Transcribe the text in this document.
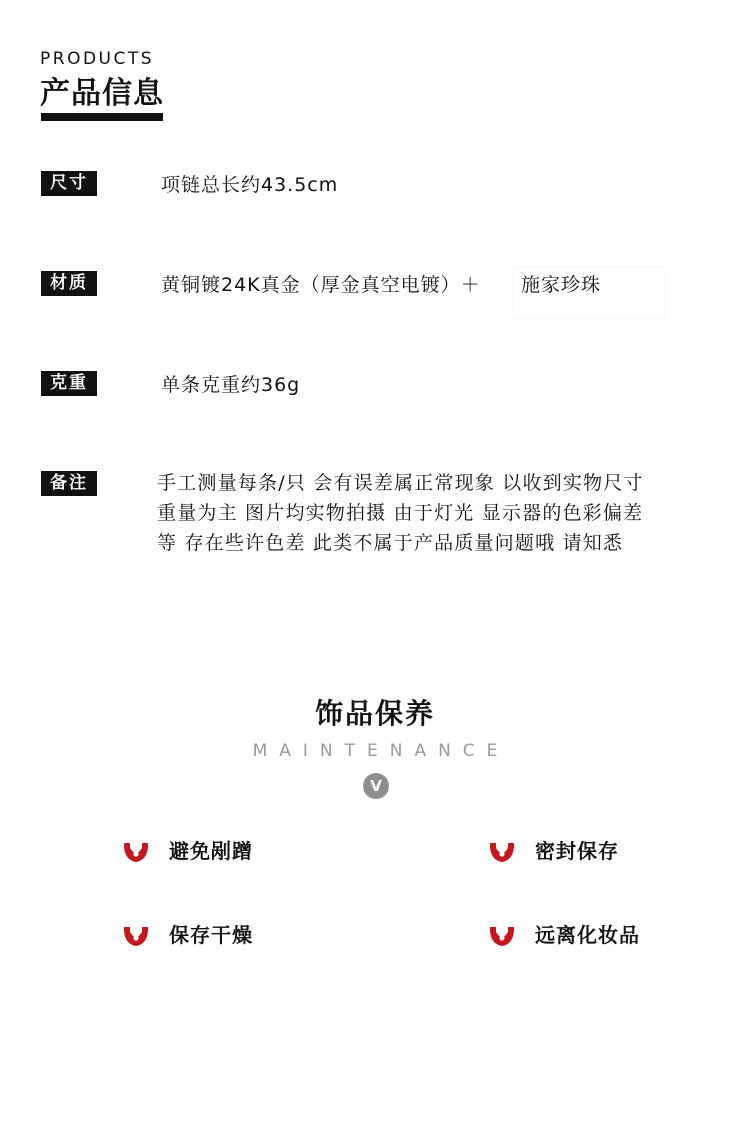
PRODUCTS
产品信息
尺寸	项链总长约43.5cm
材质	黄铜镀24K真金（厚金真空电镀）＋	施家珍珠
克重	单条克重约36g
备注	手工测量每条/只 会有误差属正常现象 以收到实物尺寸
重量为主 图片均实物拍摄 由于灯光 显示器的色彩偏差
等 存在些许色差 此类不属于产品质量问题哦 请知悉
饰品保养
MAINTENANCE
V
避免剐蹭	密封保存
保存干燥	远离化妆品
